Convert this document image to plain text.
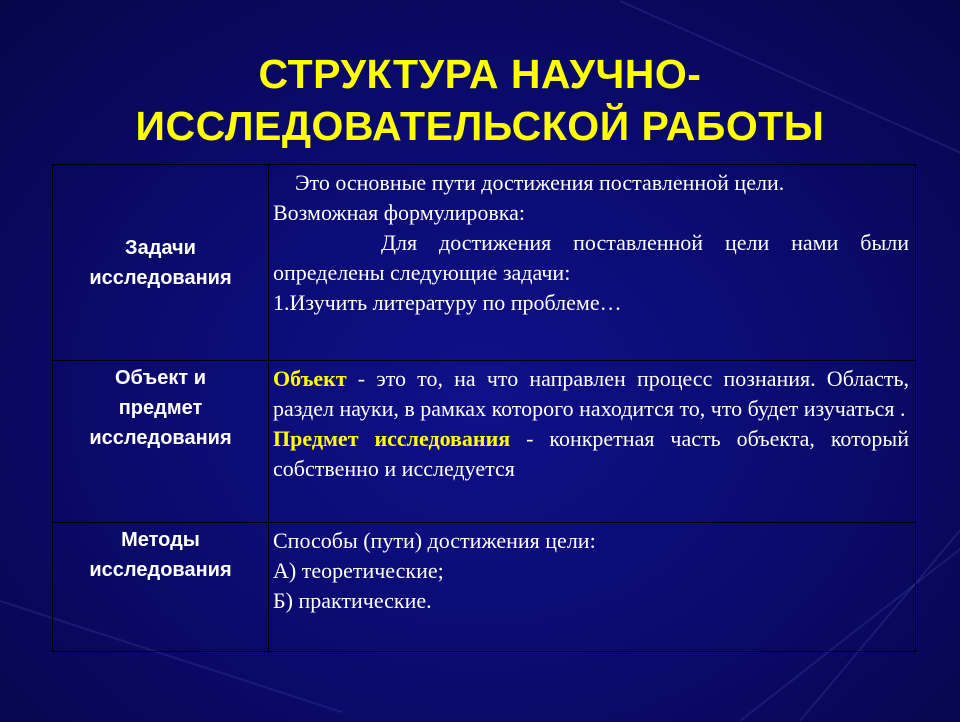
СТРУКТУРА НАУЧНО-
ИССЛЕДОВАТЕЛЬСКОЙ РАБОТЫ
Задачи
исследования

Это основные пути достижения поставленной цели.

Возможная формулировка:

Для достижения поставленной цели нами были определены следующие задачи:

1.Изучить литературу по проблеме…

Объект и
предмет
исследования

Объект - это то, на что направлен процесс познания. Область, раздел науки, в рамках которого находится то, что будет изучаться .

Предмет исследования - конкретная часть объекта, который собственно и исследуется

Методы
исследования

Способы (пути) достижения цели:

А) теоретические;

Б) практические.
